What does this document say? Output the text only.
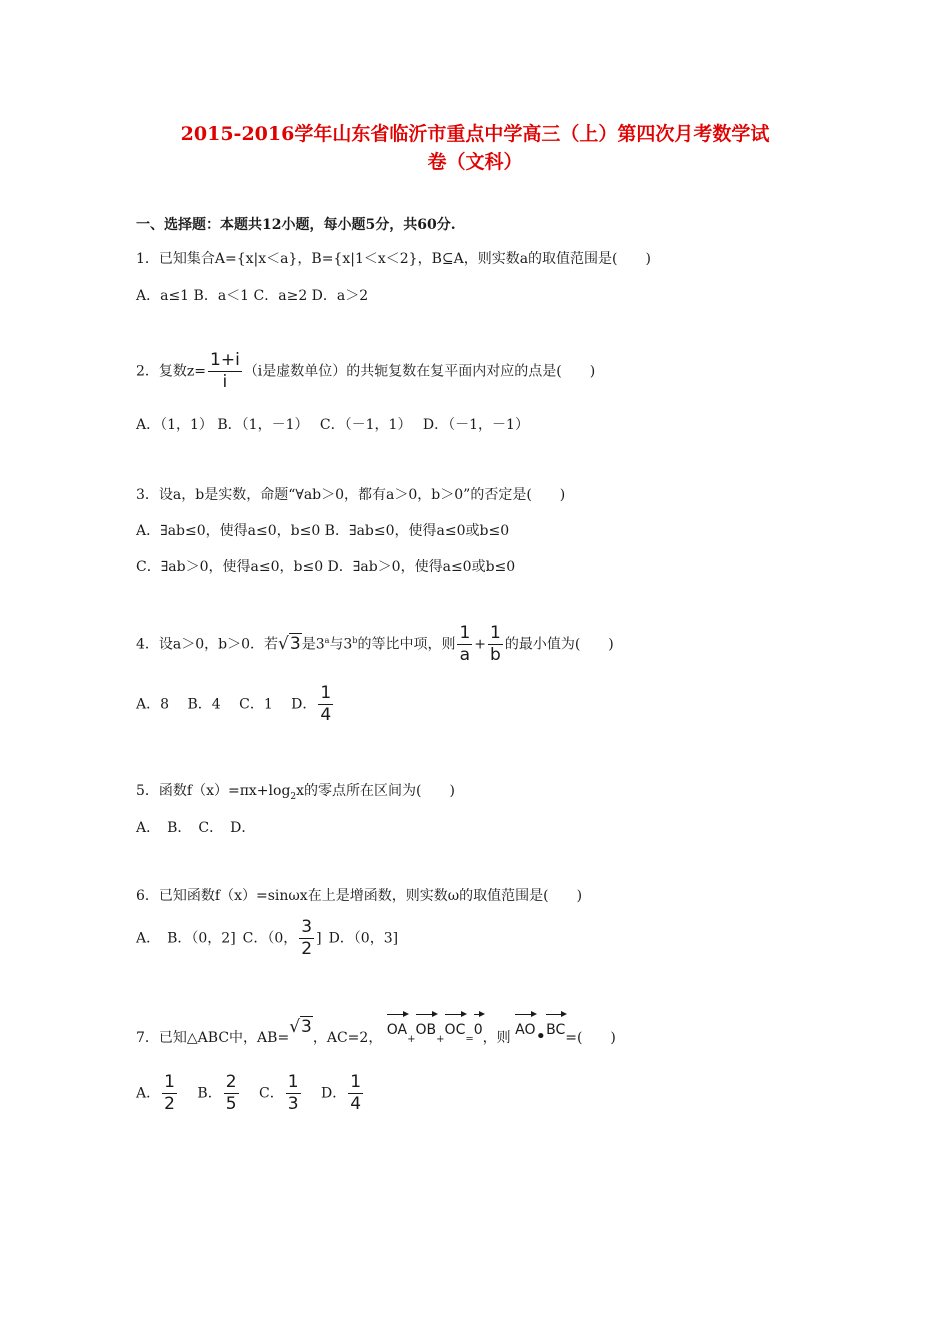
2015-2016学年山东省临沂市重点中学高三（上）第四次月考数学试
卷（文科）
一、选择题：本题共12小题，每小题5分，共60分.
1．已知集合A={x|x＜a}，B={x|1＜x＜2}，B⊆A，则实数a的取值范围是(　　)
A．a≤1 B．a＜1 C．a≥2 D．a＞2
2．复数$z= \frac{1+i}{i} (i$是虚数单位）的共轭复数在复平面内对应的点是(　　)
A．（1，1） B．（1，－1）　 C．（－1，1）　 D．（－1，－1）
3．设a，b是实数，命题“∀ab＞0，都有a＞0，b＞0”的否定是(　　)
A．∃ab≤0，使得a≤0，b≤0 B．∃ab≤0，使得a≤0或b≤0
C．∃ab＞0，使得a≤0，b≤0 D．∃ab＞0，使得a≤0或b≤0
4．设a＞0，b＞0．若√3是3$^a$与3$^b$的等比中项，则 $\frac{1}{a} + \frac{1}{b}$ 的最小值为(　　)
A．8　 B．4　 C．1　 D． $\frac{1}{4}$
5．函数$f(x)=\pi x+\log_2x$的零点所在区间为(　　)
A． B． C． D．
6．已知函数f（x）=sinωx在上是增函数，则实数ω的取值范围是(　　)
A． B．（0，2] C．（0， $\frac{3}{2}$ ] D．（0，3]
7．已知△ABC中，AB=√3，AC=2， OA+
OB+
OC=
0，则 AO•
BC=(　　)
A． $\frac{1}{2}$ B． $\frac{2}{5}$ C． $\frac{1}{3}$ D． $\frac{1}{4}$
